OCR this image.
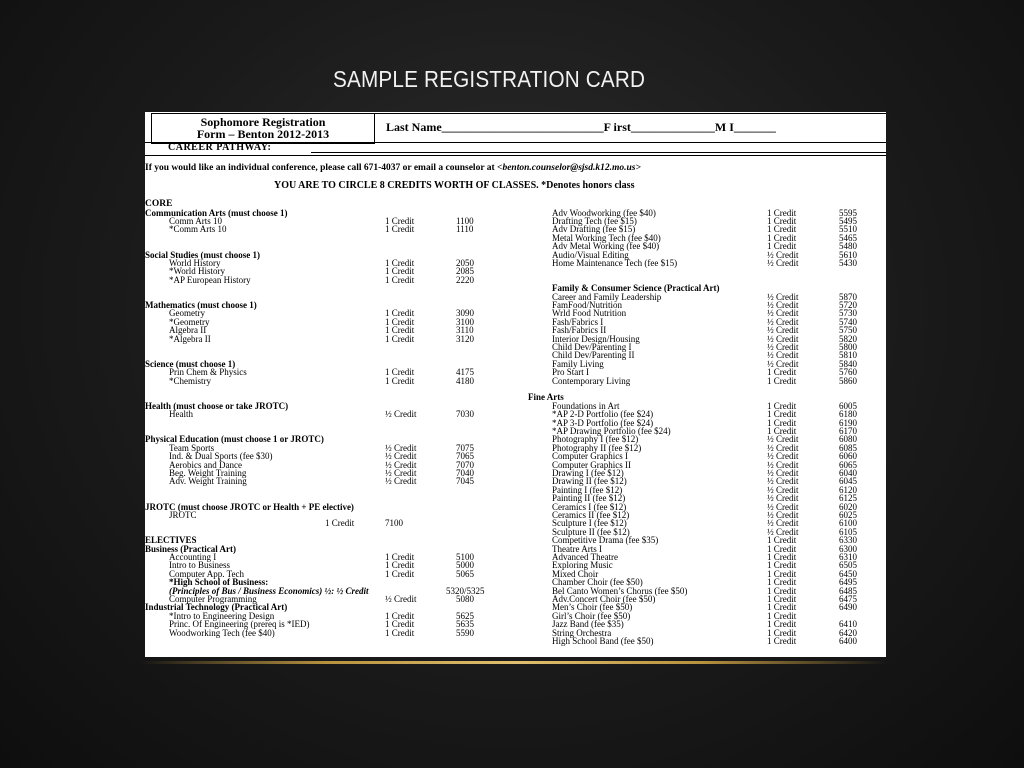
SAMPLE REGISTRATION CARD
Sophomore Registration
Form – Benton 2012-2013	Last Name___________________________F irst______________M I_______
CAREER PATHWAY:
If you would like an individual conference, please call 671-4037 or email a counselor at <benton.counselor@sjsd.k12.mo.us>
YOU ARE TO CIRCLE 8 CREDITS WORTH OF CLASSES. *Denotes honors class
CORE
Communication Arts (must choose 1)
Comm Arts 10	1 Credit	1100
*Comm Arts 10	1 Credit	1110
Social Studies (must choose 1)
World History	1 Credit	2050
*World History	1 Credit	2085
*AP European History	1 Credit	2220
Mathematics (must choose 1)
Geometry	1 Credit	3090
*Geometry	1 Credit	3100
Algebra II	1 Credit	3110
*Algebra II	1 Credit	3120
Science (must choose 1)
Prin Chem & Physics	1 Credit	4175
*Chemistry	1 Credit	4180
Health (must choose or take JROTC)
Health	½ Credit	7030
Physical Education (must choose 1 or JROTC)
Team Sports	½ Credit	7075
Ind. & Dual Sports (fee $30)	½ Credit	7065
Aerobics and Dance	½ Credit	7070
Beg. Weight Training	½ Credit	7040
Adv. Weight Training	½ Credit	7045
JROTC (must choose JROTC or Health + PE elective)
JROTC
1 Credit	7100
ELECTIVES
Business (Practical Art)
Accounting I	1 Credit	5100
Intro to Business	1 Credit	5000
Computer App. Tech	1 Credit	5065
*High School of Business:
(Principles of Bus / Business Economics) ½: ½ Credit	5320/5325
Computer Programming	½ Credit	5080
Industrial Technology (Practical Art)
*Intro to Engineering Design	1 Credit	5625
Princ. Of Engineering (prereq is *IED)	1 Credit	5635
Woodworking Tech (fee $40)	1 Credit	5590
Adv Woodworking (fee $40)	1 Credit	5595
Drafting Tech (fee $15)	1 Credit	5495
Adv Drafting (fee $15)	1 Credit	5510
Metal Working Tech (fee $40)	1 Credit	5465
Adv Metal Working (fee $40)	1 Credit	5480
Audio/Visual Editing	½ Credit	5610
Home Maintenance Tech (fee $15)	½ Credit	5430
Family & Consumer Science (Practical Art)
Career and Family Leadership	½ Credit	5870
FamFood/Nutrition	½ Credit	5720
Wrld Food Nutrition	½ Credit	5730
Fash/Fabrics I	½ Credit	5740
Fash/Fabrics II	½ Credit	5750
Interior Design/Housing	½ Credit	5820
Child Dev/Parenting I	½ Credit	5800
Child Dev/Parenting II	½ Credit	5810
Family Living	½ Credit	5840
Pro Start I	1 Credit	5760
Contemporary Living	1 Credit	5860
Fine Arts
Foundations in Art	1 Credit	6005
*AP 2-D Portfolio (fee $24)	1 Credit	6180
*AP 3-D Portfolio (fee $24)	1 Credit	6190
*AP Drawing Portfolio (fee $24)	1 Credit	6170
Photography I (fee $12)	½ Credit	6080
Photography II (fee $12)	½ Credit	6085
Computer Graphics I	½ Credit	6060
Computer Graphics II	½ Credit	6065
Drawing I (fee $12)	½ Credit	6040
Drawing II (fee $12)	½ Credit	6045
Painting I (fee $12)	½ Credit	6120
Painting II (fee $12)	½ Credit	6125
Ceramics I (fee $12)	½ Credit	6020
Ceramics II (fee $12)	½ Credit	6025
Sculpture I (fee $12)	½ Credit	6100
Sculpture II (fee $12)	½ Credit	6105
Competitive Drama (fee $35)	1 Credit	6330
Theatre Arts I	1 Credit	6300
Advanced Theatre	1 Credit	6310
Exploring Music	1 Credit	6505
Mixed Choir	1 Credit	6450
Chamber Choir (fee $50)	1 Credit	6495
Bel Canto Women’s Chorus (fee $50)	1 Credit	6485
Adv.Concert Choir (fee $50)	1 Credit	6475
Men’s Choir (fee $50)	1 Credit	6490
Girl’s Choir (fee $50)	1 Credit
Jazz Band (fee $35)	1 Credit	6410
String Orchestra	1 Credit	6420
High School Band (fee $50)	1 Credit	6400
